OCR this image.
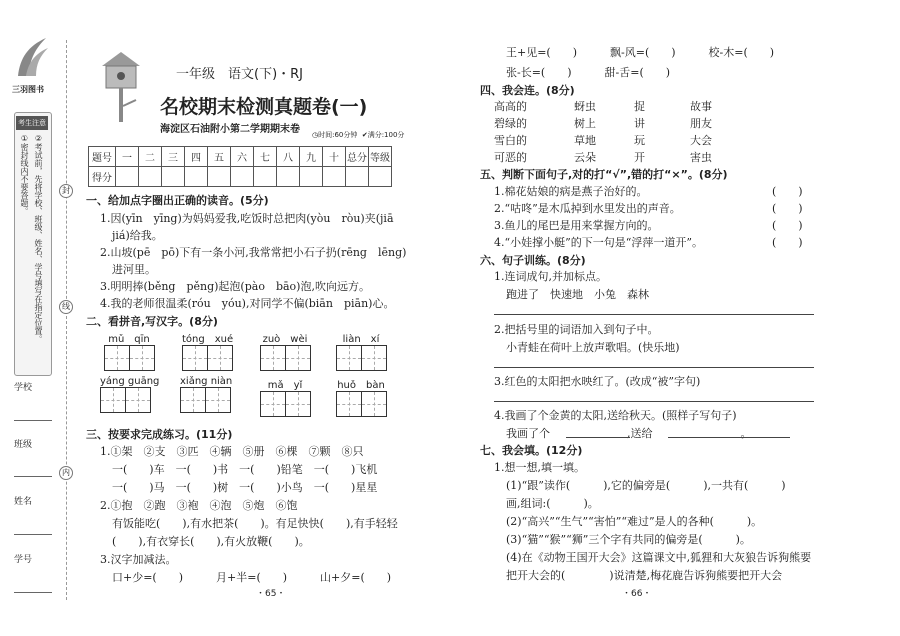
三羽图书
考生注意
①密封线内不要答题。 ②考试前，先将学校、班级、姓名、学号填写在指定位置。
学校
班级
姓名
学号
封
线
内
一年级　语文(下)・RJ
名校期末检测真题卷(一)
海淀区石油附小第二学期期末卷 ◷时间:60分钟 ✔满分:100分
题号	一	二	三	四	五	六	七	八	九	十	总分	等级
得分												
一、给加点字圈出正确的读音。(5分)
1.因(yīn　yīng)为妈妈爱我,吃饭时总把肉(yòu　ròu)夹(jiā
jiá)给我。
2.山坡(pē　pō)下有一条小河,我常常把小石子扔(rēng　lēng)
进河里。
3.明明捧(běng　pěng)起泡(pào　bāo)泡,吹向远方。
4.我的老师很温柔(róu　yóu),对同学不偏(biān　piān)心。
二、看拼音,写汉字。(8分)
mǔ　qīn	tóng　xué	zuò　wèi	liàn　xí
yáng guāng xiǎng niàn	mǎ　yǐ	huǒ　bàn
三、按要求完成练习。(11分)
1.①架　②支　③匹　④辆　⑤册　⑥棵　⑦颗　⑧只
一(　　)车　一(　　)书　一(　　)铅笔　一(　　)飞机
一(　　)马　一(　　)树　一(　　)小鸟　一(　　)星星
2.①抱　②跑　③袍　④泡　⑤炮　⑥饱
有饭能吃(　　),有水把茶(　　)。有足快快(　　),有手轻轻
(　　),有衣穿长(　　),有火放鞭(　　)。
3.汉字加减法。
口+少=(　　)　　　月+半=(　　)　　　山+夕=(　　)
・65・
王+见=(　　)　　　飘-风=(　　)　　　校-木=(　　)
张-长=(　　)　　　甜-舌=(　　)
四、我会连。(8分)
高高的	蚜虫	捉	故事
碧绿的	树上	讲	朋友
雪白的	草地	玩	大会
可恶的	云朵	开	害虫
五、判断下面句子,对的打“√”,错的打“×”。(8分)
1.棉花姑娘的病是燕子治好的。	(　　)
2.“咕咚”是木瓜掉到水里发出的声音。	(　　)
3.鱼儿的尾巴是用来掌握方向的。	(　　)
4.“小娃撑小艇”的下一句是“浮萍一道开”。	(　　)
六、句子训练。(8分)
1.连词成句,并加标点。
跑进了　快速地　小兔　森林
2.把括号里的词语加入到句子中。
小青蛙在荷叶上放声歌唱。(快乐地)
3.红色的太阳把水映红了。(改成“被”字句)
4.我画了个金黄的太阳,送给秋天。(照样子写句子)
我画了个　　　　　　　,送给　　　　　　　　。
七、我会填。(12分)
1.想一想,填一填。
(1)“跟”读作(　　　),它的偏旁是(　　　),一共有(　　　)
画,组词:(　　　)。
(2)“高兴”“生气”“害怕”“难过”是人的各种(　　　)。
(3)“猫”“猴”“狮”三个字有共同的偏旁是(　　　)。
(4)在《动物王国开大会》这篇课文中,狐狸和大灰狼告诉狗熊要
把开大会的(　　　　)说清楚,梅花鹿告诉狗熊要把开大会
・66・
